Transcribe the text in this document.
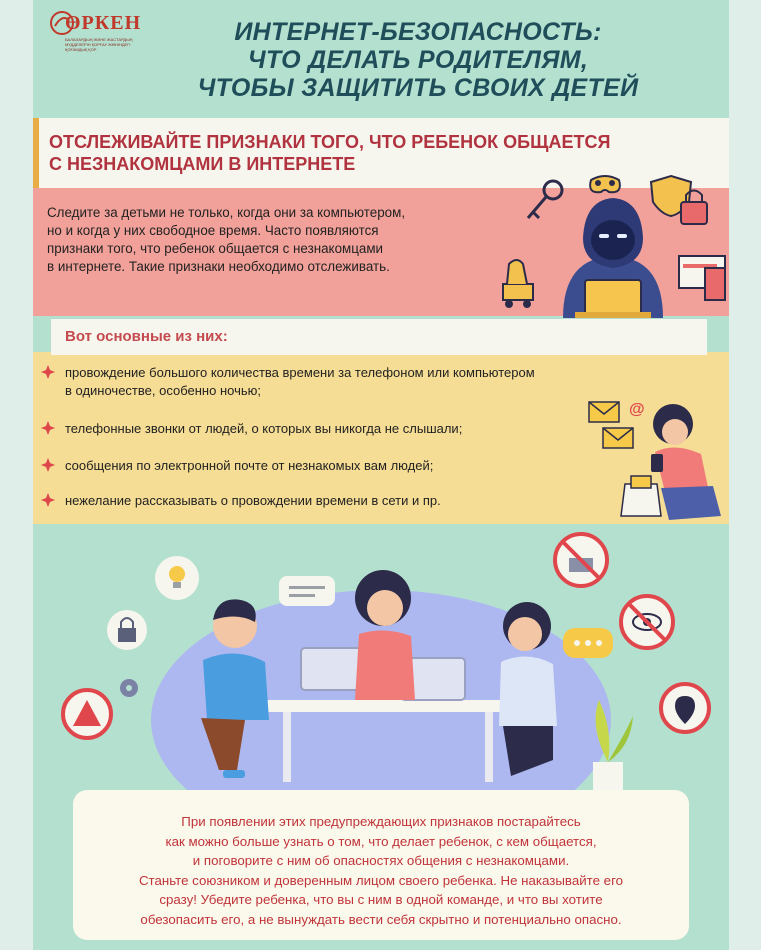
ӨРКЕН
БАЛАЛАРДЫҢ ЖӘНЕ ЖАСТАРДЫҢ МҮДДЕЛЕРІН ҚОРҒАУ ЖӨНІНДЕГІ ҚОҒАМДЫҚ ҚОР
ИНТЕРНЕТ-БЕЗОПАСНОСТЬ:
ЧТО ДЕЛАТЬ РОДИТЕЛЯМ,
ЧТОБЫ ЗАЩИТИТЬ СВОИХ ДЕТЕЙ
ОТСЛЕЖИВАЙТЕ ПРИЗНАКИ ТОГО, ЧТО РЕБЕНОК ОБЩАЕТСЯ
С НЕЗНАКОМЦАМИ В ИНТЕРНЕТЕ
Следите за детьми не только, когда они за компьютером,
но и когда у них свободное время. Часто появляются
признаки того, что ребенок общается с незнакомцами
в интернете. Такие признаки необходимо отслеживать.
Вот основные из них:
провождение большого количества времени за телефоном или компьютером
в одиночестве, особенно ночью;
телефонные звонки от людей, о которых вы никогда не слышали;
сообщения по электронной почте от незнакомых вам людей;
нежелание рассказывать о провождении времени в сети и пр.
@
При появлении этих предупреждающих признаков постарайтесь
как можно больше узнать о том, что делает ребенок, с кем общается,
и поговорите с ним об опасностях общения с незнакомцами.
Станьте союзником и доверенным лицом своего ребенка. Не наказывайте его
сразу! Убедите ребенка, что вы с ним в одной команде, и что вы хотите
обезопасить его, а не вынуждать вести себя скрытно и потенциально опасно.
